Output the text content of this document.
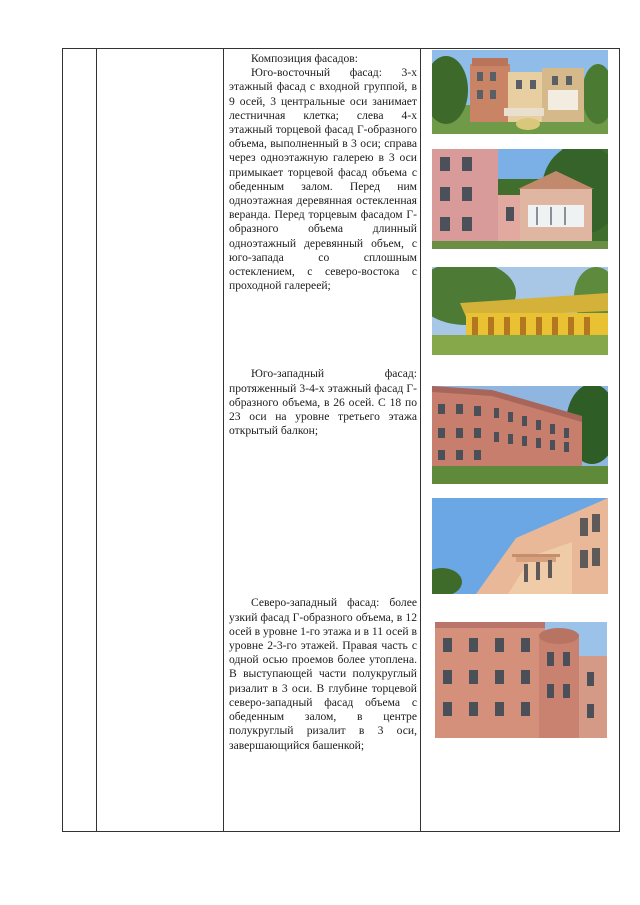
Композиция фасадов:

Юго-восточный фасад: 3-х этажный фасад с входной группой, в 9 осей, 3 центральные оси занимает лестничная клетка; слева 4-х этажный торцевой фасад Г-образного объема, выполненный в 3 оси; справа через одноэтажную галерею в 3 оси примыкает торцевой фасад объема с обеденным залом. Перед ним одноэтажная деревянная остекленная веранда. Перед торцевым фасадом Г-образного объема длинный одноэтажный деревянный объем, с юго-запада со сплошным остеклением, с северо-востока с проходной галереей;

Юго-западный фасад: протяженный 3-4-х этажный фасад Г-образного объема, в 26 осей. С 18 по 23 оси на уровне третьего этажа открытый балкон;

Северо-западный фасад: более узкий фасад Г-образного объема, в 12 осей в уровне 1-го этажа и в 11 осей в уровне 2-3-го этажей. Правая часть с одной осью проемов более утоплена. В выступающей части полукруглый ризалит в 3 оси. В глубине торцевой северо-западный фасад объема с обеденным залом, в центре полукруглый ризалит в 3 оси, завершающийся башенкой;
